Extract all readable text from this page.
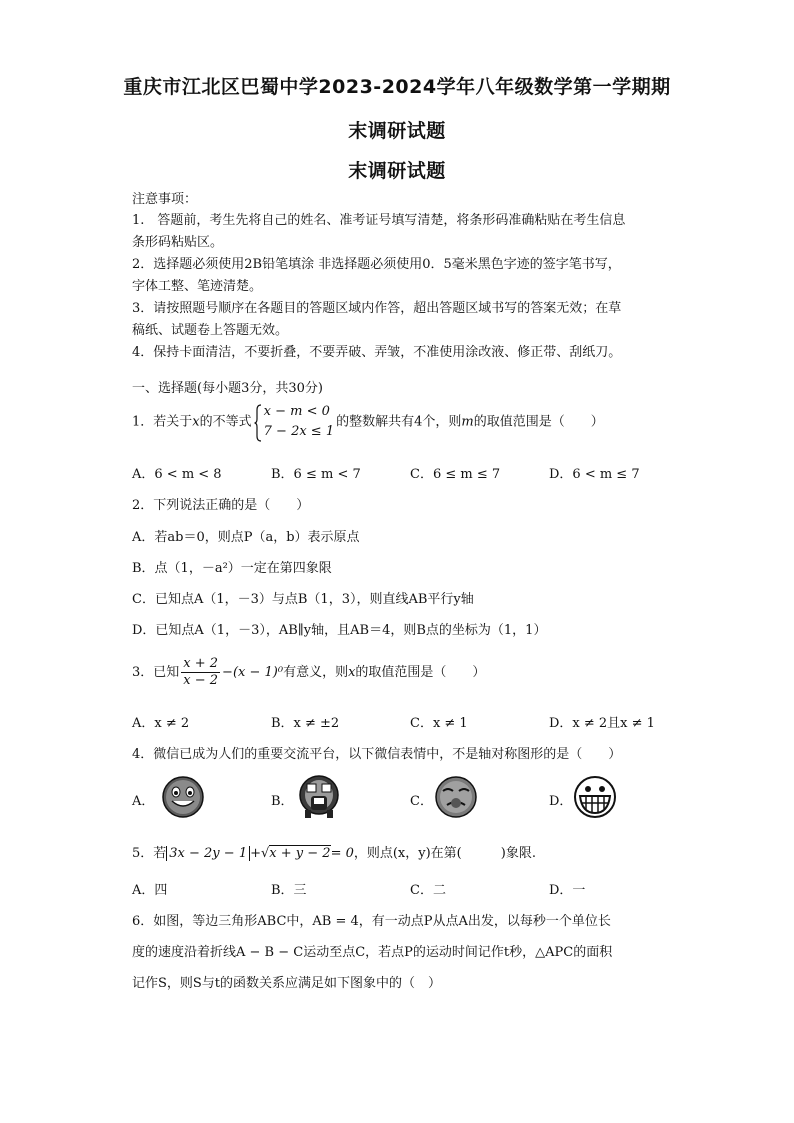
重庆市江北区巴蜀中学2023-2024学年八年级数学第一学期期
末调研试题
末调研试题
注意事项：
1.　答题前，考生先将自己的姓名、准考证号填写清楚，将条形码准确粘贴在考生信息
条形码粘贴区。
2．选择题必须使用2B铅笔填涂 非选择题必须使用0．5毫米黑色字迹的签字笔书写，
字体工整、笔迹清楚。
3．请按照题号顺序在各题目的答题区域内作答，超出答题区域书写的答案无效；在草
稿纸、试题卷上答题无效。
4．保持卡面清洁，不要折叠，不要弄破、弄皱，不准使用涂改液、修正带、刮纸刀。
一、选择题(每小题3分，共30分)
1．若关于x的不等式
x − m < 0
7 − 2x ≤ 1
的整数解共有4个，则m的取值范围是（　　）
A．6 < m < 8	B．6 ≤ m < 7	C．6 ≤ m ≤ 7	D．6 < m ≤ 7
2．下列说法正确的是（　　）
A．若ab＝0，则点P（a，b）表示原点
B．点（1，－a²）一定在第四象限
C．已知点A（1，－3）与点B（1，3），则直线AB平行y轴
D．已知点A（1，－3），AB∥y轴，且AB＝4，则B点的坐标为（1，1）
3．已知 $\frac{x + 2}{x - 2} -(x - 1)^0$有意义，则x的取值范围是（　　）
A．x ≠ 2	B．x ≠ ±2	C．x ≠ 1	D．x ≠ 2且x ≠ 1
4．微信已成为人们的重要交流平台，以下微信表情中，不是轴对称图形的是（　　）
A．	B．	C．	D．
5．若 3x − 2y − 1 +√x + y − 2= 0，则点(x，y)在第(　　　)象限.
A．四	B．三	C．二	D．一
6．如图，等边三角形ABC中，AB = 4，有一动点P从点A出发，以每秒一个单位长
度的速度沿着折线A − B − C运动至点C，若点P的运动时间记作t秒，△APC的面积
记作S，则S与t的函数关系应满足如下图象中的（　）
